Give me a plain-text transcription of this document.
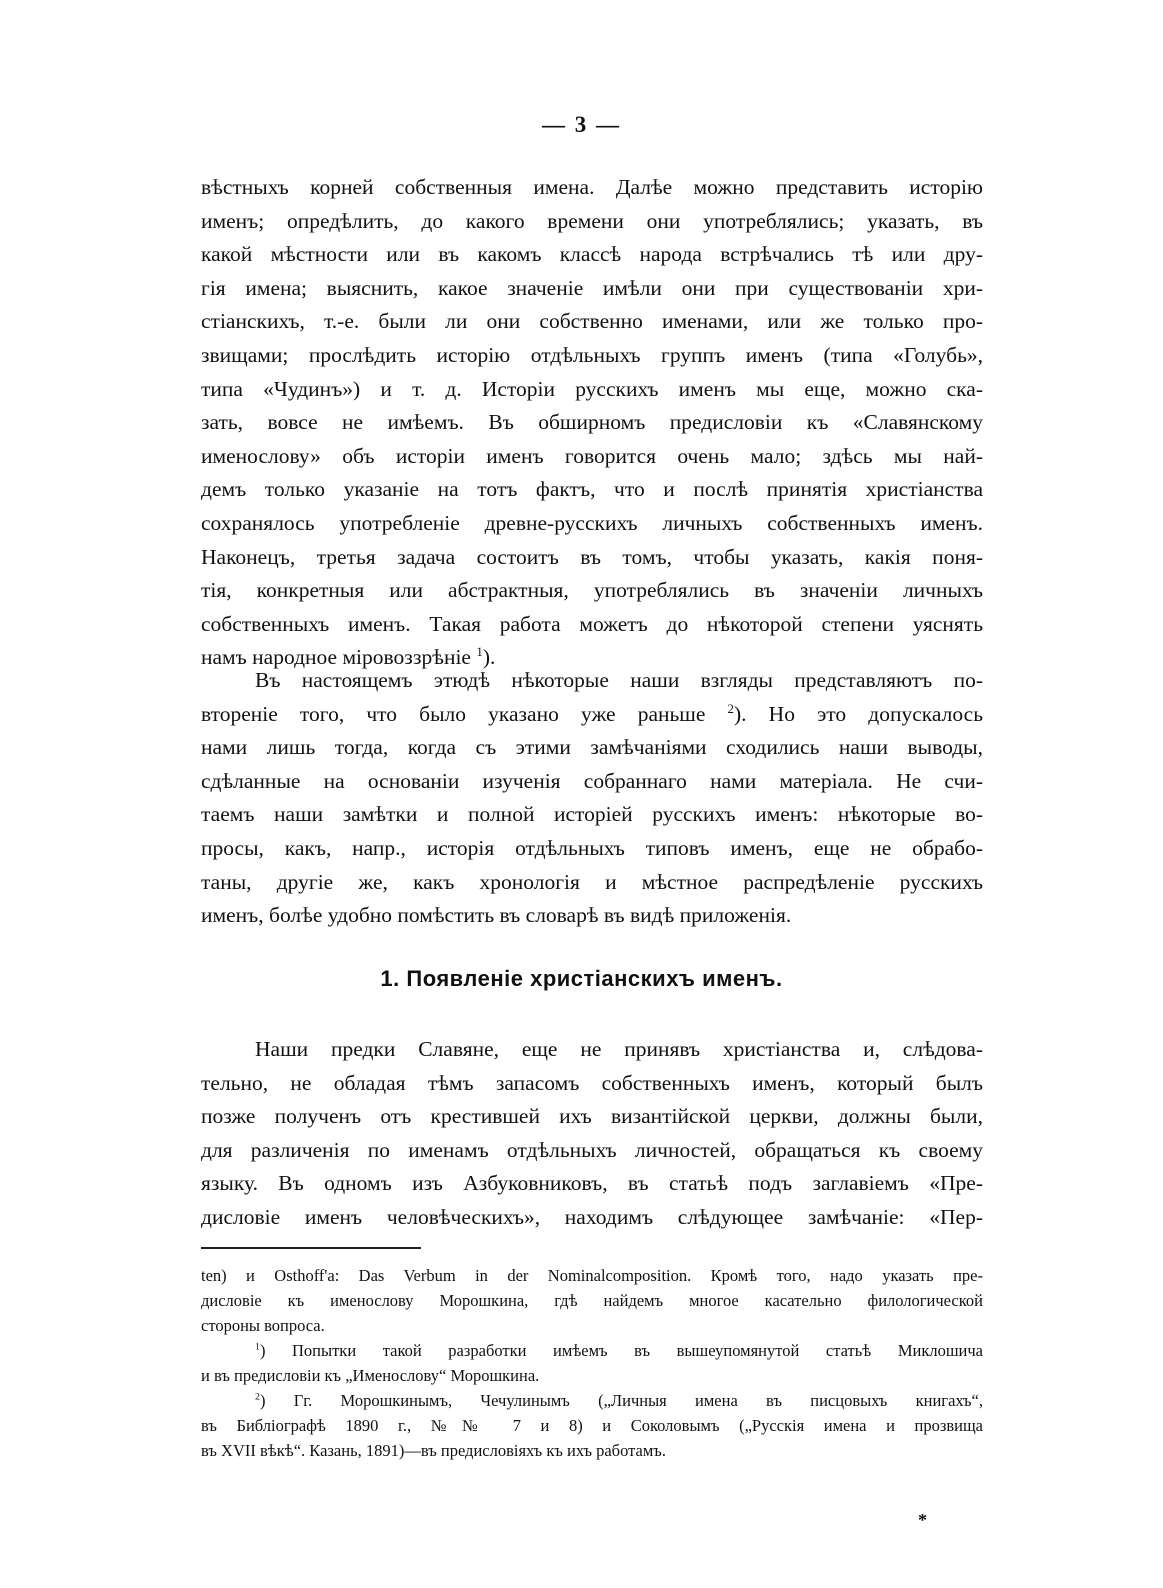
— 3 —
вѣстныхъ корней собственныя имена. Далѣе можно представить исторію
именъ; опредѣлить, до какого времени они употреблялись; указать, въ
какой мѣстности или въ какомъ классѣ народа встрѣчались тѣ или дру-
гія имена; выяснить, какое значеніе имѣли они при существованіи хри-
стіанскихъ, т.-е. были ли они собственно именами, или же только про-
звищами; прослѣдить исторію отдѣльныхъ группъ именъ (типа «Голубь»,
типа «Чудинъ») и т. д. Исторіи русскихъ именъ мы еще, можно ска-
зать, вовсе не имѣемъ. Въ обширномъ предисловіи къ «Славянскому
именослову» объ исторіи именъ говорится очень мало; здѣсь мы най-
демъ только указаніе на тотъ фактъ, что и послѣ принятія христіанства
сохранялось употребленіе древне-русскихъ личныхъ собственныхъ именъ.
Наконецъ, третья задача состоитъ въ томъ, чтобы указать, какія поня-
тія, конкретныя или абстрактныя, употреблялись въ значеніи личныхъ
собственныхъ именъ. Такая работа можетъ до нѣкоторой степени уяснять
намъ народное міровоззрѣніе $^1$).
Въ настоящемъ этюдѣ нѣкоторые наши взгляды представляютъ по-
втореніе того, что было указано уже раньше $^2$). Но это допускалось
нами лишь тогда, когда съ этими замѣчаніями сходились наши выводы,
сдѣланные на основаніи изученія собраннаго нами матеріала. Не счи-
таемъ наши замѣтки и полной исторіей русскихъ именъ: нѣкоторые во-
просы, какъ, напр., исторія отдѣльныхъ типовъ именъ, еще не обрабо-
таны, другіе же, какъ хронологія и мѣстное распредѣленіе русскихъ
именъ, болѣе удобно помѣстить въ словарѣ въ видѣ приложенія.
1. Появленіе христіанскихъ именъ.
Наши предки Славяне, еще не принявъ христіанства и, слѣдова-
тельно, не обладая тѣмъ запасомъ собственныхъ именъ, который былъ
позже полученъ отъ крестившей ихъ византійской церкви, должны были,
для различенія по именамъ отдѣльныхъ личностей, обращаться къ своему
языку. Въ одномъ изъ Азбуковниковъ, въ статьѣ подъ заглавіемъ «Пре-
дисловіе именъ человѣческихъ», находимъ слѣдующее замѣчаніе: «Пер-
ten) и Osthoff'a: Das Verbum in der Nominalcomposition. Кромѣ того, надо указать пре-
дисловіе къ именослову Морошкина, гдѣ найдемъ многое касательно филологической
стороны вопроса.
$^1$) Попытки такой разработки имѣемъ въ вышеупомянутой статьѣ Миклошича
и въ предисловіи къ „Именослову“ Морошкина.
$^2$) Гг. Морошкинымъ, Чечулинымъ („Личныя имена въ писцовыхъ книгахъ“,
въ Библіографѣ 1890 г., №№ 7 и 8) и Соколовымъ („Русскія имена и прозвища
въ XVII вѣкѣ“. Казань, 1891)—въ предисловіяхъ къ ихъ работамъ.
*
